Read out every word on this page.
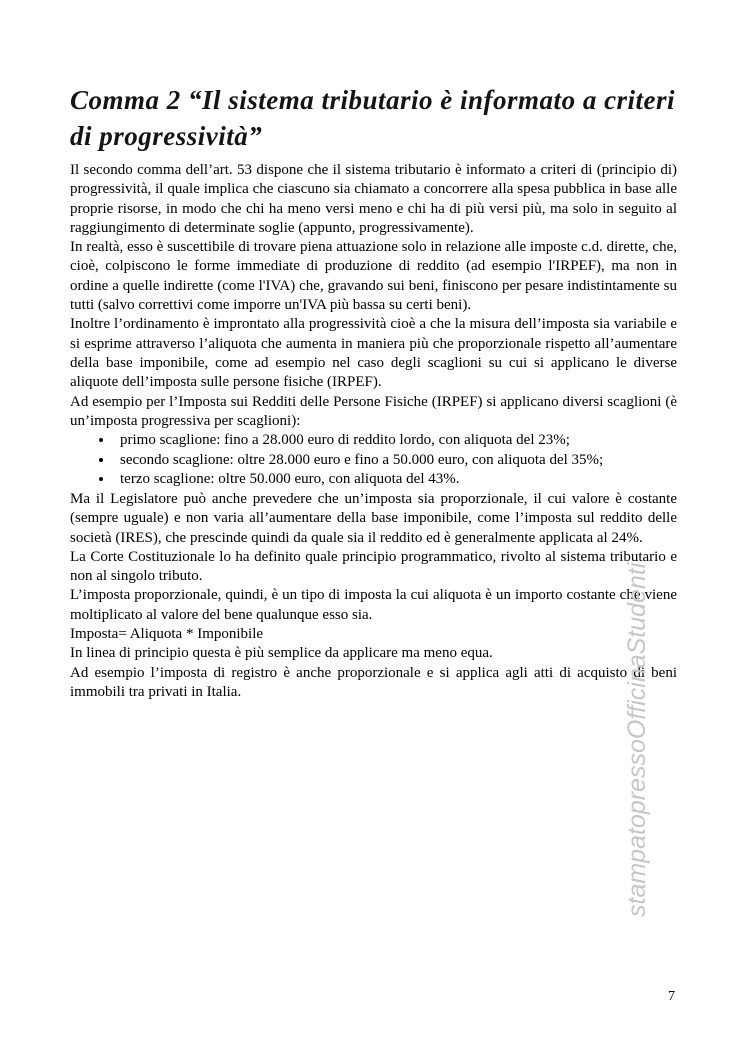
Comma 2 “Il sistema tributario è informato a criteri di progressività”

Il secondo comma dell’art. 53 dispone che il sistema tributario è informato a criteri di (principio di) progressività, il quale implica che ciascuno sia chiamato a concorrere alla spesa pubblica in base alle proprie risorse, in modo che chi ha meno versi meno e chi ha di più versi più, ma solo in seguito al raggiungimento di determinate soglie (appunto, progressivamente).

In realtà, esso è suscettibile di trovare piena attuazione solo in relazione alle imposte c.d. dirette, che, cioè, colpiscono le forme immediate di produzione di reddito (ad esempio l'IRPEF), ma non in ordine a quelle indirette (come l'IVA) che, gravando sui beni, finiscono per pesare indistintamente su tutti (salvo correttivi come imporre un'IVA più bassa su certi beni).

Inoltre l’ordinamento è improntato alla progressività cioè a che la misura dell’imposta sia variabile e si esprime attraverso l’aliquota che aumenta in maniera più che proporzionale rispetto all’aumentare della base imponibile, come ad esempio nel caso degli scaglioni su cui si applicano le diverse aliquote dell’imposta sulle persone fisiche (IRPEF).

Ad esempio per l’Imposta sui Redditi delle Persone Fisiche (IRPEF) si applicano diversi scaglioni (è un’imposta progressiva per scaglioni):

• primo scaglione: fino a 28.000 euro di reddito lordo, con aliquota del 23%;
• secondo scaglione: oltre 28.000 euro e fino a 50.000 euro, con aliquota del 35%;
• terzo scaglione: oltre 50.000 euro, con aliquota del 43%.

Ma il Legislatore può anche prevedere che un’imposta sia proporzionale, il cui valore è costante (sempre uguale) e non varia all’aumentare della base imponibile, come l’imposta sul reddito delle società (IRES), che prescinde quindi da quale sia il reddito ed è generalmente applicata al 24%.

La Corte Costituzionale lo ha definito quale principio programmatico, rivolto al sistema tributario e non al singolo tributo.

L’imposta proporzionale, quindi, è un tipo di imposta la cui aliquota è un importo costante che viene moltiplicato al valore del bene qualunque esso sia.

Imposta= Aliquota * Imponibile

In linea di principio questa è più semplice da applicare ma meno equa.

Ad esempio l’imposta di registro è anche proporzionale e si applica agli atti di acquisto di beni immobili tra privati in Italia.	stampatopressoOfficinaStudenti
7
